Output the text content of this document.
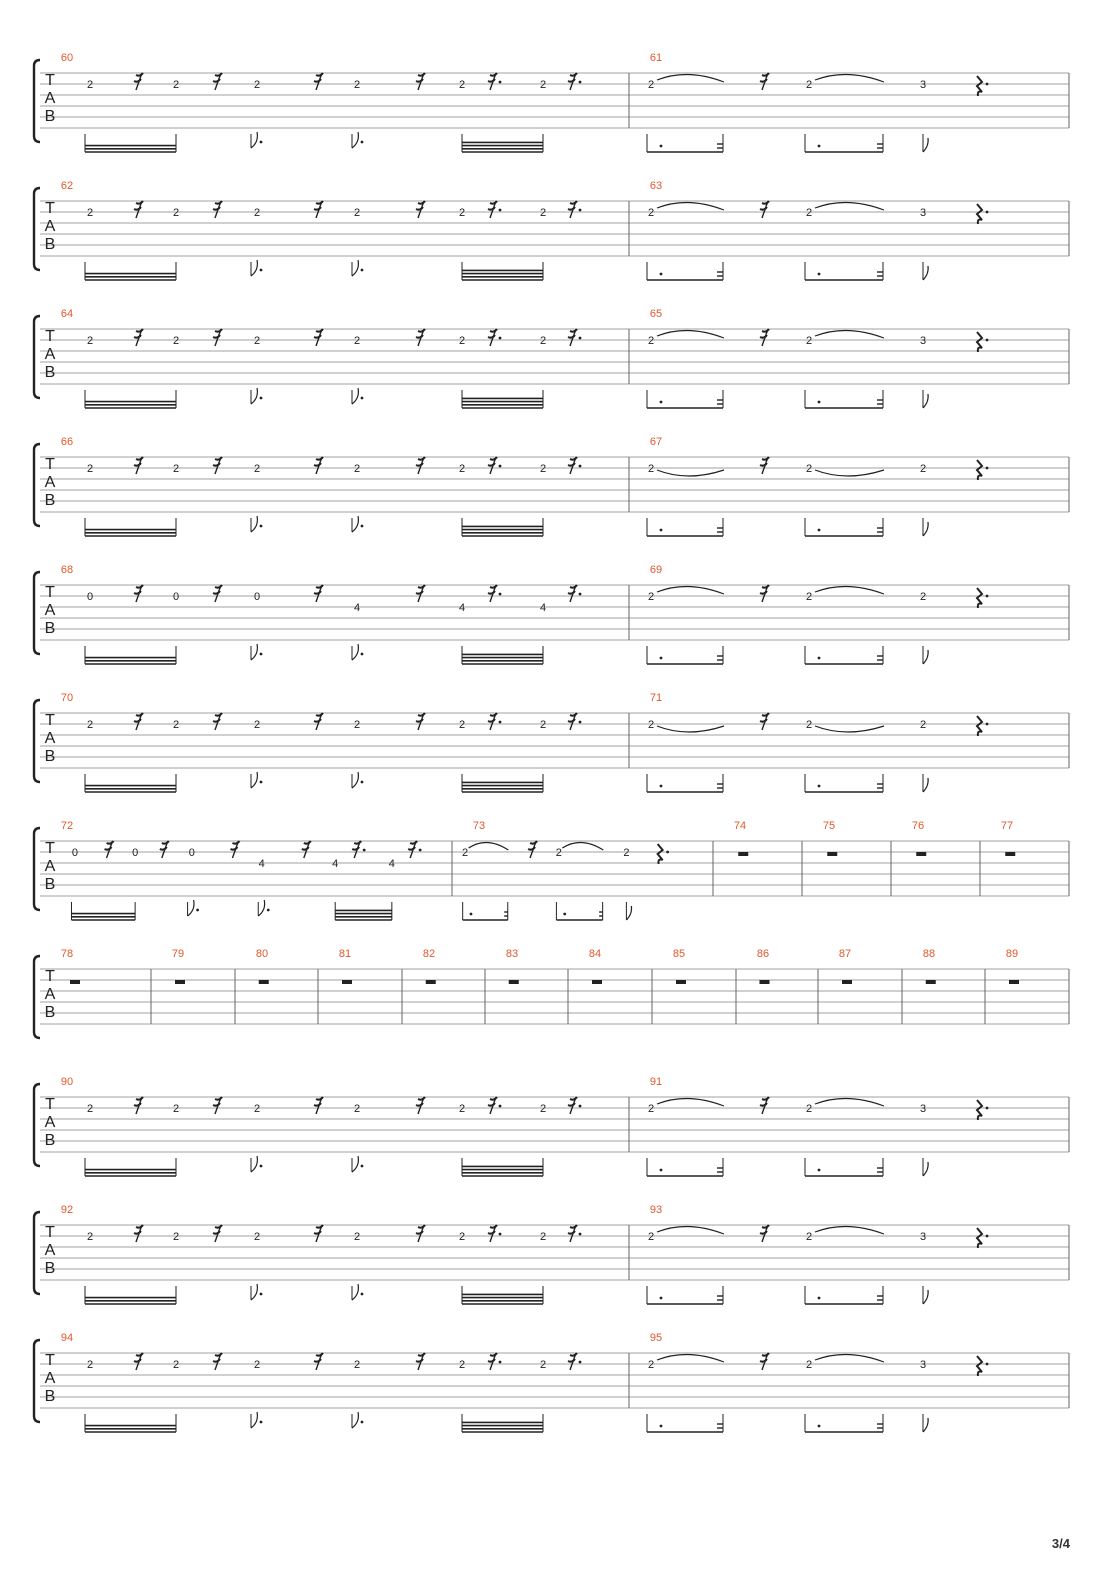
T
A
B
60
2	2	2	2	2	2
61
2	2	3
T
A
B
62
2	2	2	2	2	2
63
2	2	3
T
A
B
64
2	2	2	2	2	2
65
2	2	3
T
A
B
66
2	2	2	2	2	2
67
2	2	2
T
A
B
68
0	0	0
4	4	4
69
2	2	2
T
A
B
70
2	2	2	2	2	2
71
2	2	2
T
A
B
72
0	0	0
4	4	4
73
2	2	2
74	75	76	77
T
A
B
78	79	80	81	82	83	84	85	86	87	88	89
T
A
B
90
2	2	2	2	2	2
91
2	2	3
T
A
B
92
2	2	2	2	2	2
93
2	2	3
T
A
B
94
2	2	2	2	2	2
95
2	2	3
3/4
